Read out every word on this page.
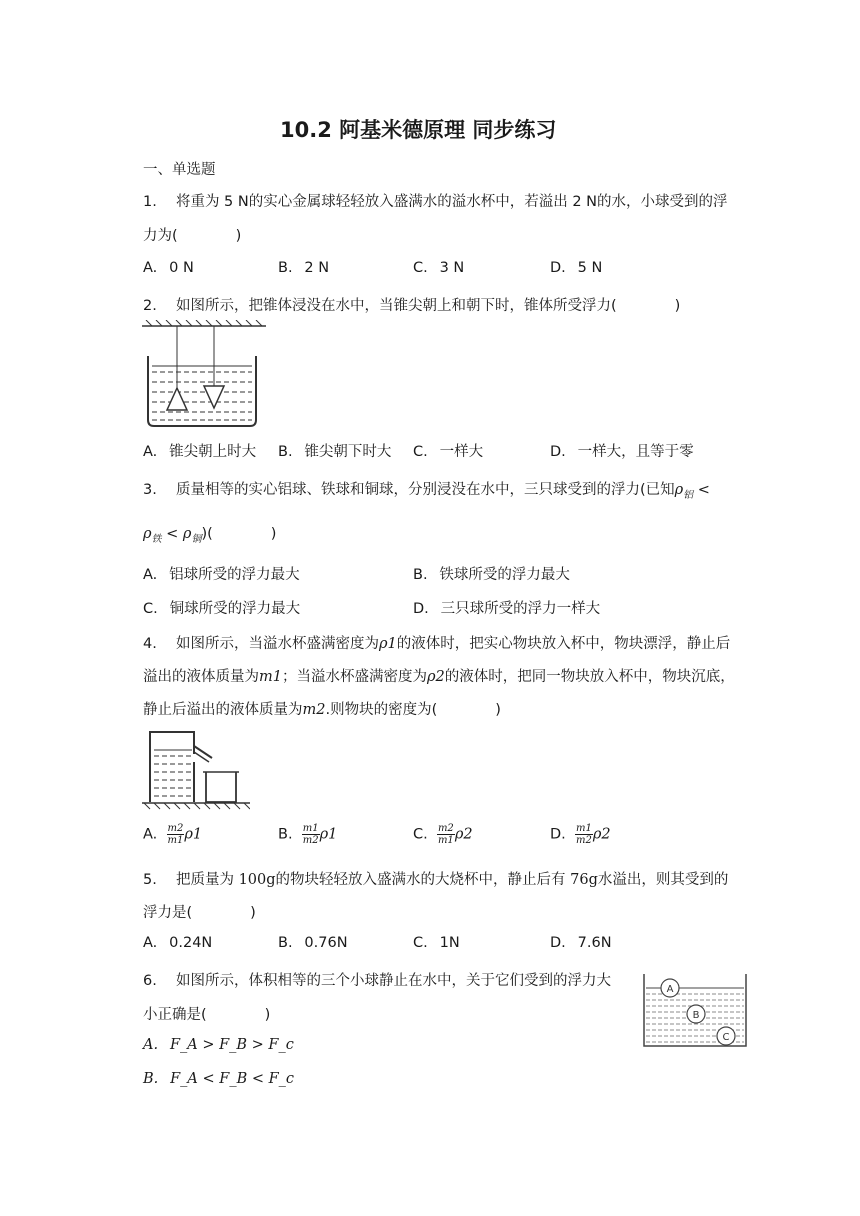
10.2 阿基米德原理 同步练习
一、单选题
1.　 将重为 5 N的实心金属球轻轻放入盛满水的溢水杯中，若溢出 2 N的水，小球受到的浮
力为(　　　　)
A.  0 N	B.  2 N	C.  3 N	D.  5 N
2.　 如图所示，把锥体浸没在水中，当锥尖朝上和朝下时，锥体所受浮力(　　　　)
A.  锥尖朝上时大 B.  锥尖朝下时大 C.  一样大	D.  一样大，且等于零
3.　 质量相等的实心铝球、铁球和铜球，分别浸没在水中，三只球受到的浮力(已知$\rho_铝$ <
$\rho_铁 < \rho_铜$)(　　　　)
A.  铝球所受的浮力最大	B.  铁球所受的浮力最大
C.  铜球所受的浮力最大	D.  三只球所受的浮力一样大
4.　 如图所示，当溢水杯盛满密度为ρ1的液体时，把实心物块放入杯中，物块漂浮，静止后
溢出的液体质量为m1；当溢水杯盛满密度为ρ2的液体时，把同一物块放入杯中，物块沉底，
静止后溢出的液体质量为m2.则物块的密度为(　　　　)
A. $\frac{m2}{m1} \rho 1$	B. $\frac{m1}{m2} \rho 1$	C. $\frac{m2}{m1} \rho 2$	D. $\frac{m1}{m2} \rho 2$
5.　 把质量为 100g的物块轻轻放入盛满水的大烧杯中，静止后有 76g水溢出，则其受到的
浮力是(　　　　)
A.  0.24N	B.  0.76N	C.  1N	D.  7.6N
6.　 如图所示，体积相等的三个小球静止在水中，关于它们受到的浮力大
小正确是(　　　　)
A.  F_A > F_B > F_c
B.  F_A < F_B < F_c
A
B
C
